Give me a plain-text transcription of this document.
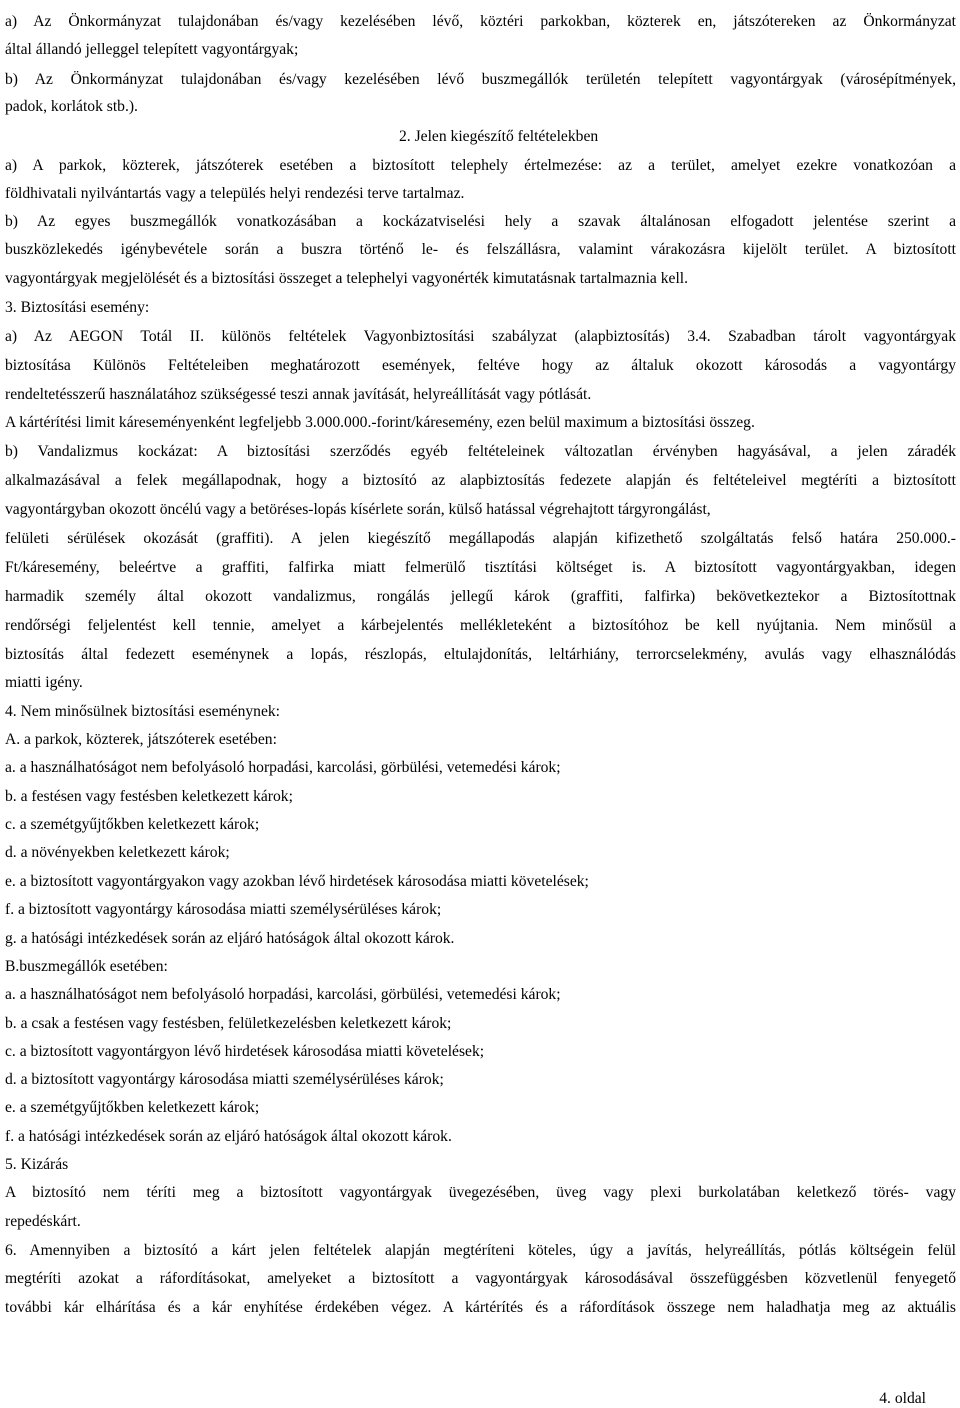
a) Az Önkormányzat tulajdonában és/vagy kezelésében lévő, köztéri parkokban, közterek en, játszótereken az Önkormányzat
által állandó jelleggel telepített vagyontárgyak;
b) Az Önkormányzat tulajdonában és/vagy kezelésében lévő buszmegállók területén telepített vagyontárgyak (városépítmények,
padok, korlátok stb.).
2. Jelen kiegészítő feltételekben
a) A parkok, közterek, játszóterek esetében a biztosított telephely értelmezése: az a terület, amelyet ezekre vonatkozóan a
földhivatali nyilvántartás vagy a település helyi rendezési terve tartalmaz.
b) Az egyes buszmegállók vonatkozásában a kockázatviselési hely a szavak általánosan elfogadott jelentése szerint a
buszközlekedés igénybevétele során a buszra történő le- és felszállásra, valamint várakozásra kijelölt terület. A biztosított
vagyontárgyak megjelölését és a biztosítási összeget a telephelyi vagyonérték kimutatásnak tartalmaznia kell.
3. Biztosítási esemény:
a) Az AEGON Totál II. különös feltételek Vagyonbiztosítási szabályzat (alapbiztosítás) 3.4. Szabadban tárolt vagyontárgyak
biztosítása Különös Feltételeiben meghatározott események, feltéve hogy az általuk okozott károsodás a vagyontárgy
rendeltetésszerű használatához szükségessé teszi annak javítását, helyreállítását vagy pótlását.
A kártérítési limit káreseményenként legfeljebb 3.000.000.-forint/káresemény, ezen belül maximum a biztosítási összeg.
b) Vandalizmus kockázat: A biztosítási szerződés egyéb feltételeinek változatlan érvényben hagyásával, a jelen záradék
alkalmazásával a felek megállapodnak, hogy a biztosító az alapbiztosítás fedezete alapján és feltételeivel megtéríti a biztosított
vagyontárgyban okozott öncélú vagy a betöréses-lopás kísérlete során, külső hatással végrehajtott tárgyrongálást,
felületi sérülések okozását (graffiti). A jelen kiegészítő megállapodás alapján kifizethető szolgáltatás felső határa 250.000.-
Ft/káresemény, beleértve a graffiti, falfirka miatt felmerülő tisztítási költséget is. A biztosított vagyontárgyakban, idegen
harmadik személy által okozott vandalizmus, rongálás jellegű károk (graffiti, falfirka) bekövetkeztekor a Biztosítottnak
rendőrségi feljelentést kell tennie, amelyet a kárbejelentés mellékleteként a biztosítóhoz be kell nyújtania. Nem minősül a
biztosítás által fedezett eseménynek a lopás, részlopás, eltulajdonítás, leltárhiány, terrorcselekmény, avulás vagy elhasználódás
miatti igény.
4. Nem minősülnek biztosítási eseménynek:
A. a parkok, közterek, játszóterek esetében:
a. a használhatóságot nem befolyásoló horpadási, karcolási, görbülési, vetemedési károk;
b. a festésen vagy festésben keletkezett károk;
c. a szemétgyűjtőkben keletkezett károk;
d. a növényekben keletkezett károk;
e. a biztosított vagyontárgyakon vagy azokban lévő hirdetések károsodása miatti követelések;
f. a biztosított vagyontárgy károsodása miatti személysérüléses károk;
g. a hatósági intézkedések során az eljáró hatóságok által okozott károk.
B.buszmegállók esetében:
a. a használhatóságot nem befolyásoló horpadási, karcolási, görbülési, vetemedési károk;
b. a csak a festésen vagy festésben, felületkezelésben keletkezett károk;
c. a biztosított vagyontárgyon lévő hirdetések károsodása miatti követelések;
d. a biztosított vagyontárgy károsodása miatti személysérüléses károk;
e. a szemétgyűjtőkben keletkezett károk;
f. a hatósági intézkedések során az eljáró hatóságok által okozott károk.
5. Kizárás
A biztosító nem téríti meg a biztosított vagyontárgyak üvegezésében, üveg vagy plexi burkolatában keletkező törés- vagy
repedéskárt.
6. Amennyiben a biztosító a kárt jelen feltételek alapján megtéríteni köteles, úgy a javítás, helyreállítás, pótlás költségein felül
megtéríti azokat a ráfordításokat, amelyeket a biztosított a vagyontárgyak károsodásával összefüggésben közvetlenül fenyegető
további kár elhárítása és a kár enyhítése érdekében végez. A kártérítés és a ráfordítások összege nem haladhatja meg az aktuális
4. oldal
